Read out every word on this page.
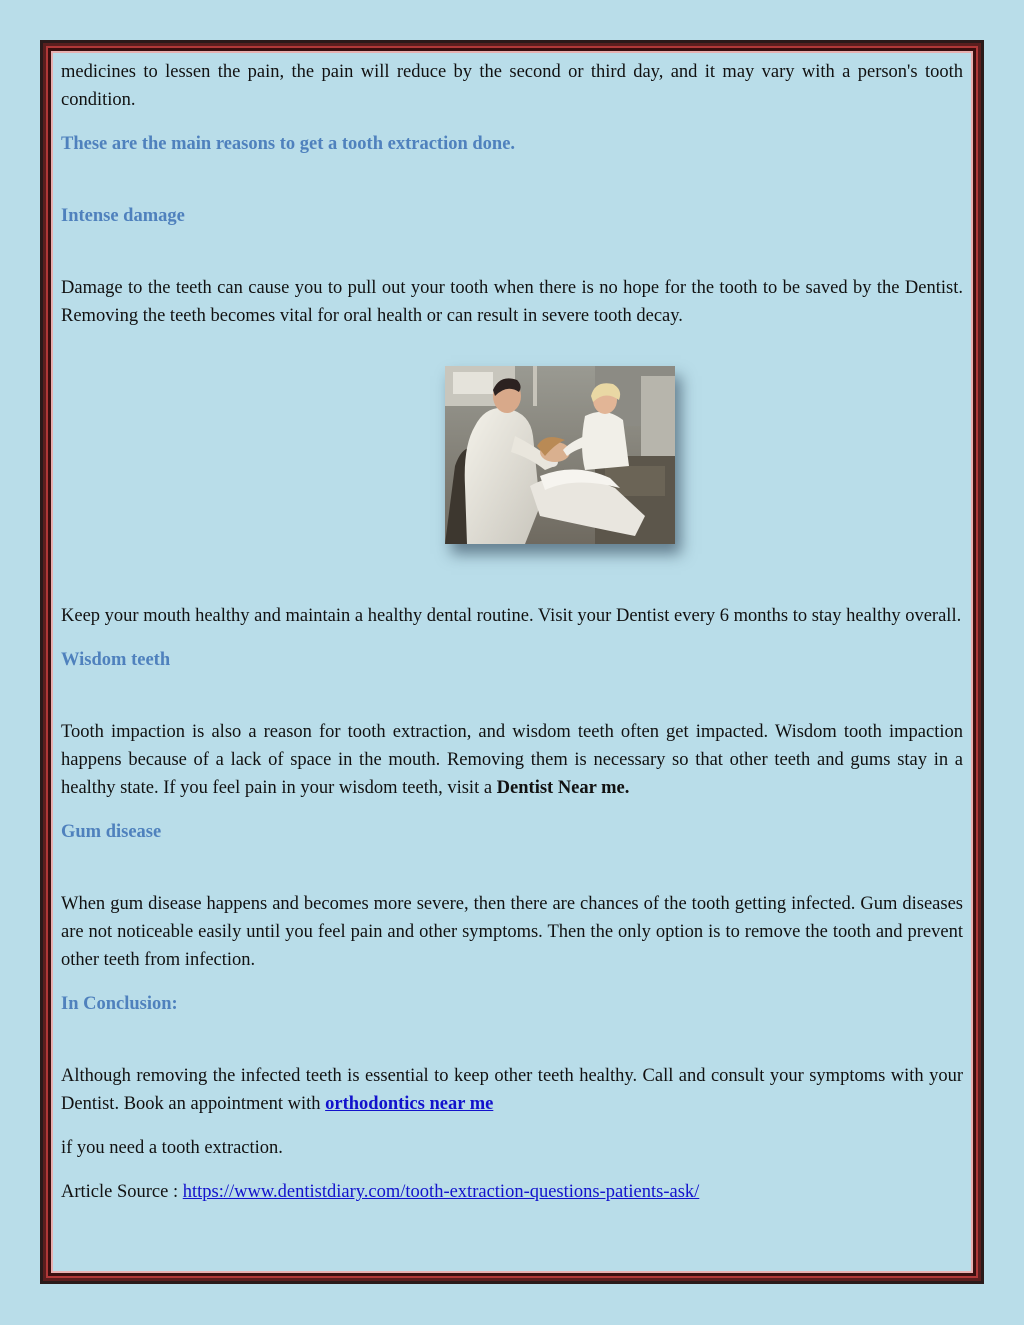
medicines to lessen the pain, the pain will reduce by the second or third day, and it may vary with a person's tooth condition.

These are the main reasons to get a tooth extraction done.
Intense damage

Damage to the teeth can cause you to pull out your tooth when there is no hope for the tooth to be saved by the Dentist. Removing the teeth becomes vital for oral health or can result in severe tooth decay.

Keep your mouth healthy and maintain a healthy dental routine. Visit your Dentist every 6 months to stay healthy overall.

Wisdom teeth

Tooth impaction is also a reason for tooth extraction, and wisdom teeth often get impacted. Wisdom tooth impaction happens because of a lack of space in the mouth. Removing them is necessary so that other teeth and gums stay in a healthy state. If you feel pain in your wisdom teeth, visit a Dentist Near me.

Gum disease

When gum disease happens and becomes more severe, then there are chances of the tooth getting infected. Gum diseases are not noticeable easily until you feel pain and other symptoms. Then the only option is to remove the tooth and prevent other teeth from infection.

In Conclusion:

Although removing the infected teeth is essential to keep other teeth healthy. Call and consult your symptoms with your Dentist. Book an appointment with orthodontics near me

if you need a tooth extraction.

Article Source : https://www.dentistdiary.com/tooth-extraction-questions-patients-ask/
